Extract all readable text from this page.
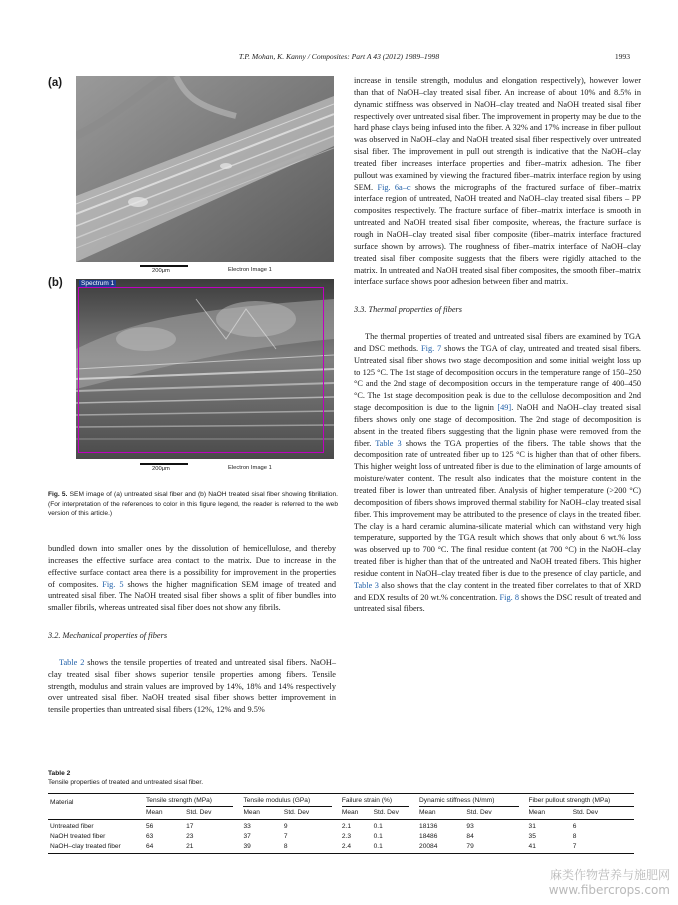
T.P. Mohan, K. Kanny / Composites: Part A 43 (2012) 1989–1998	1993
(a)
200μm	Electron Image 1
(b)	Spectrum 1
200μm	Electron Image 1
Fig. 5. SEM image of (a) untreated sisal fiber and (b) NaOH treated sisal fiber showing fibrillation. (For interpretation of the references to color in this figure legend, the reader is referred to the web version of this article.)

bundled down into smaller ones by the dissolution of hemicellulose, and thereby increases the effective surface area contact to the matrix. Due to increase in the effective surface contact area there is a possibility for improvement in the properties of composites. Fig. 5 shows the higher magnification SEM image of treated and untreated sisal fiber. The NaOH treated sisal fiber shows a split of fiber bundles into smaller fibrils, whereas untreated sisal fiber does not show any fibrils.

3.2. Mechanical properties of fibers

Table 2 shows the tensile properties of treated and untreated sisal fibers. NaOH–clay treated sisal fiber shows superior tensile properties among fibers. Tensile strength, modulus and strain values are improved by 14%, 18% and 14% respectively over untreated sisal fiber. NaOH treated sisal fiber shows better improvement in tensile properties than untreated sisal fibers (12%, 12% and 9.5%

increase in tensile strength, modulus and elongation respectively), however lower than that of NaOH–clay treated sisal fiber. An increase of about 10% and 8.5% in dynamic stiffness was observed in NaOH–clay treated and NaOH treated sisal fiber respectively over untreated sisal fiber. The improvement in property may be due to the hard phase clays being infused into the fiber. A 32% and 17% increase in fiber pullout was observed in NaOH–clay and NaOH treated sisal fiber respectively over untreated sisal fiber. The improvement in pull out strength is indicative that the NaOH–clay treated fiber increases interface properties and fiber–matrix adhesion. The fiber pullout was examined by viewing the fractured fiber–matrix interface region by using SEM. Fig. 6a–c shows the micrographs of the fractured surface of fiber–matrix interface region of untreated, NaOH treated and NaOH–clay treated sisal fibers – PP composites respectively. The fracture surface of fiber–matrix interface is smooth in untreated and NaOH treated sisal fiber composite, whereas, the fracture surface is rough in NaOH–clay treated sisal fiber composite (fiber–matrix interface fractured surface shown by arrows). The roughness of fiber–matrix interface of NaOH–clay treated sisal fiber composite suggests that the fibers were rigidly attached to the matrix. In untreated and NaOH treated sisal fiber composites, the smooth fiber–matrix interface surface shows poor adhesion between fiber and matrix.

3.3. Thermal properties of fibers

The thermal properties of treated and untreated sisal fibers are examined by TGA and DSC methods. Fig. 7 shows the TGA of clay, untreated and treated sisal fibers. Untreated sisal fiber shows two stage decomposition and some initial weight loss up to 125 °C. The 1st stage of decomposition occurs in the temperature range of 150–250 °C and the 2nd stage of decomposition occurs in the temperature range of 400–450 °C. The 1st stage decomposition peak is due to the cellulose decomposition and 2nd stage decomposition is due to the lignin [49]. NaOH and NaOH–clay treated sisal fibers shows only one stage of decomposition. The 2nd stage of decomposition is absent in the treated fibers suggesting that the lignin phase were removed from the fiber. Table 3 shows the TGA properties of the fibers. The table shows that the decomposition rate of untreated fiber up to 125 °C is higher than that of other fibers. This higher weight loss of untreated fiber is due to the elimination of large amounts of moisture/water content. The result also indicates that the moisture content in the treated fiber is lower than untreated fiber. Analysis of higher temperature (>200 °C) decomposition of fibers shows improved thermal stability for NaOH–clay treated sisal fiber. This improvement may be attributed to the presence of clays in the treated fiber. The clay is a hard ceramic alumina-silicate material which can withstand very high temperature, supported by the TGA result which shows that only about 6 wt.% loss was observed up to 700 °C. The final residue content (at 700 °C) in the NaOH–clay treated fiber is higher than that of the untreated and NaOH treated fibers. This higher residue content in NaOH–clay treated fiber is due to the presence of clay particle, and Table 3 also shows that the clay content in the treated fiber correlates to that of XRD and EDX results of 20 wt.% concentration. Fig. 8 shows the DSC result of treated and untreated sisal fibers.

Table 2
Tensile properties of treated and untreated sisal fiber.
Material	Tensile strength (MPa)		Tensile modulus (GPa)		Failure strain (%)		Dynamic stiffness (N/mm)		Fiber pullout strength (MPa)	

	Mean	Std. Dev	Mean	Std. Dev	Mean	Std. Dev	Mean	Std. Dev	Mean	Std. Dev
Untreated fiber	56	17	33	9	2.1	0.1	18136	93	31	6
NaOH treated fiber	63	23	37	7	2.3	0.1	18486	84	35	8
NaOH–clay treated fiber	64	21	39	8	2.4	0.1	20084	79	41	7
麻类作物营养与施肥网
www.fibercrops.com
